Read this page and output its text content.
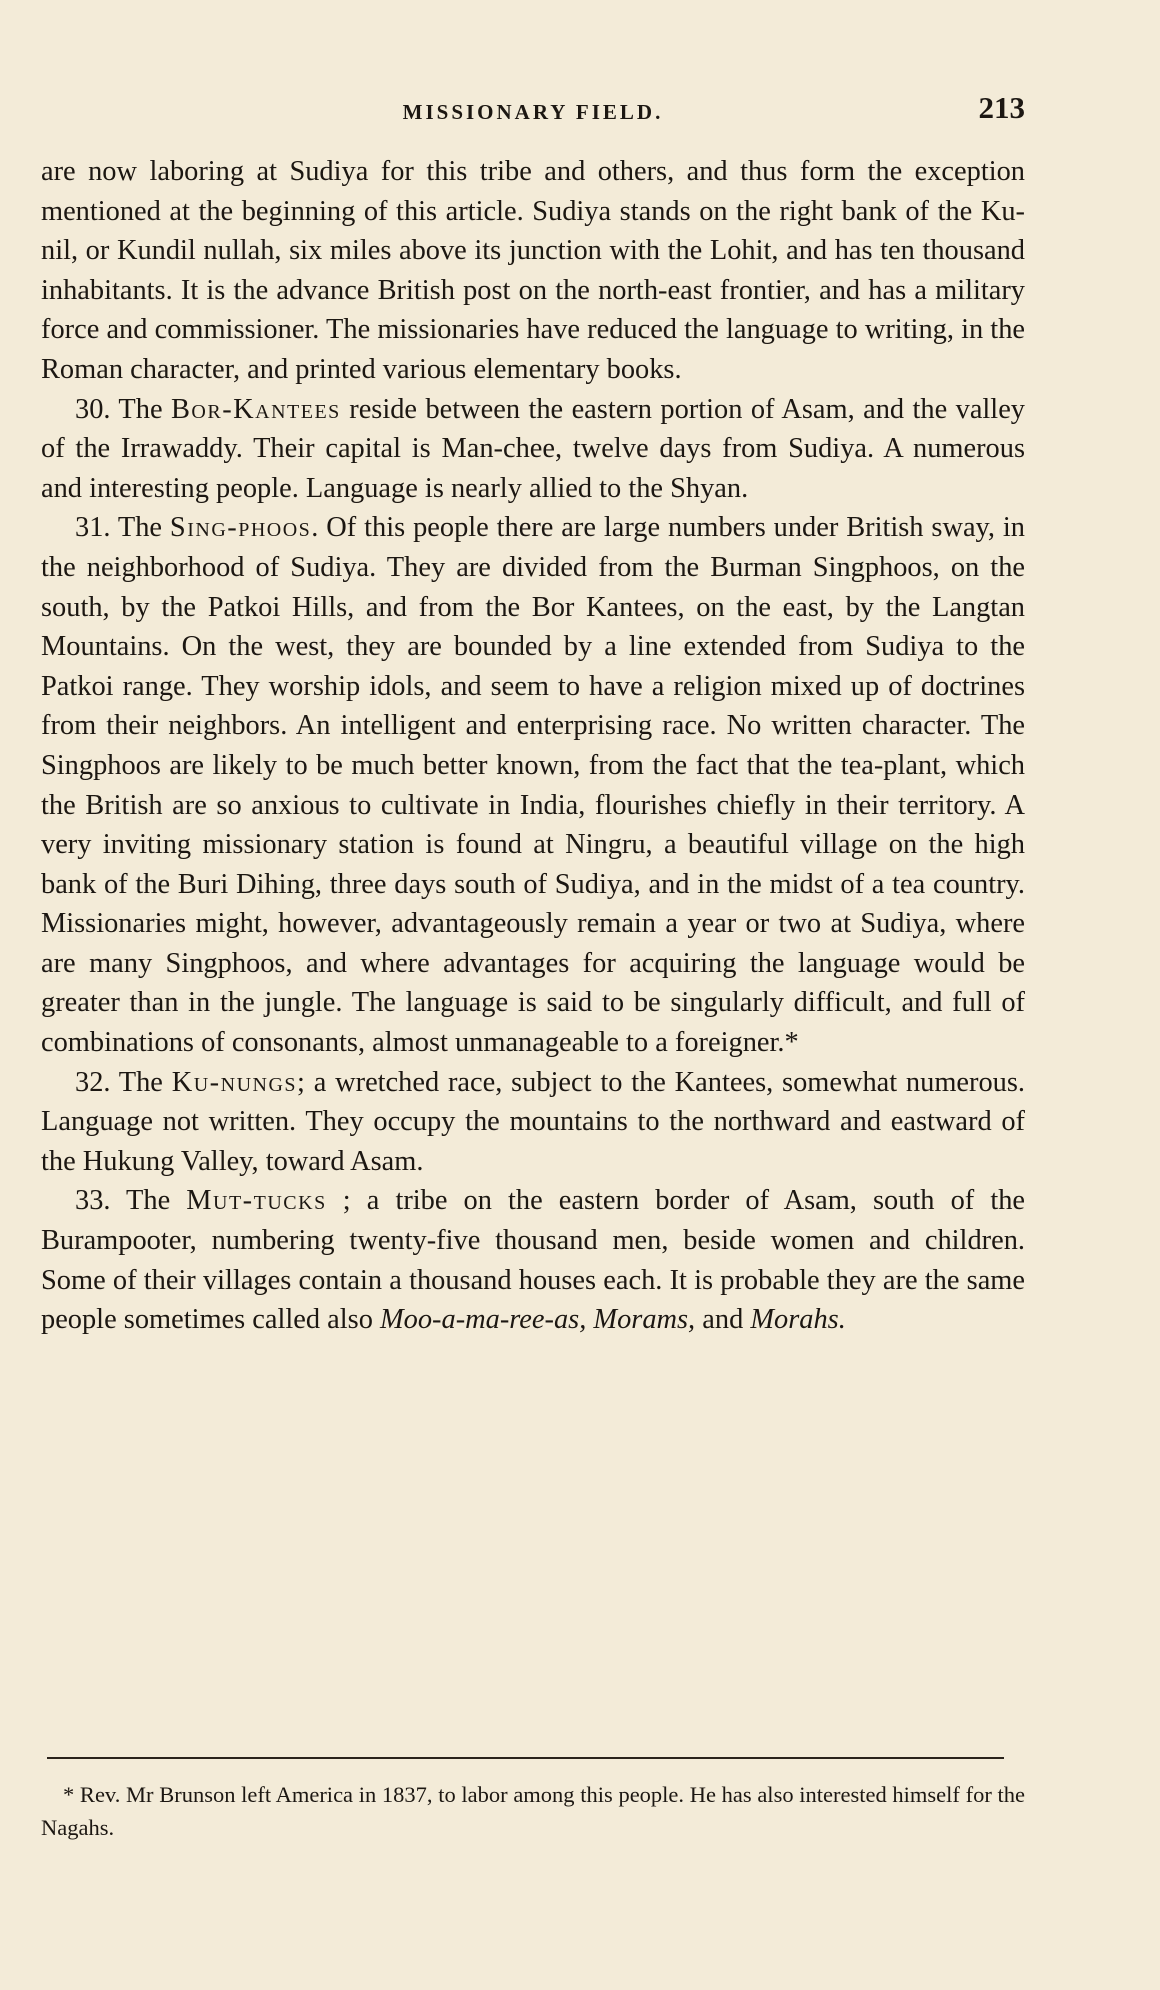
MISSIONARY FIELD.	213

are now laboring at Sudiya for this tribe and others, and thus form the exception mentioned at the beginning of this article. Sudiya stands on the right bank of the Ku-nil, or Kundil nullah, six miles above its junction with the Lohit, and has ten thousand inhabitants. It is the advance British post on the north-east frontier, and has a military force and commissioner. The missionaries have reduced the language to writing, in the Roman character, and printed various elementary books.

30. The Bor-Kantees reside between the eastern portion of Asam, and the valley of the Irrawaddy. Their capital is Man-chee, twelve days from Sudiya. A numerous and interesting people. Language is nearly allied to the Shyan.

31. The Sing-phoos. Of this people there are large numbers under British sway, in the neighborhood of Sudiya. They are divided from the Burman Singphoos, on the south, by the Patkoi Hills, and from the Bor Kantees, on the east, by the Langtan Mountains. On the west, they are bounded by a line extended from Sudiya to the Patkoi range. They worship idols, and seem to have a religion mixed up of doctrines from their neighbors. An intelligent and enterprising race. No written character. The Singphoos are likely to be much better known, from the fact that the tea-plant, which the British are so anxious to cultivate in India, flourishes chiefly in their territory. A very inviting missionary station is found at Ningru, a beautiful village on the high bank of the Buri Dihing, three days south of Sudiya, and in the midst of a tea country. Missionaries might, however, advantageously remain a year or two at Sudiya, where are many Singphoos, and where advantages for acquiring the language would be greater than in the jungle. The language is said to be singularly difficult, and full of combinations of consonants, almost unmanageable to a foreigner.*

32. The Ku-nungs; a wretched race, subject to the Kantees, somewhat numerous. Language not written. They occupy the mountains to the northward and eastward of the Hukung Valley, toward Asam.

33. The Mut-tucks ; a tribe on the eastern border of Asam, south of the Burampooter, numbering twenty-five thousand men, beside women and children. Some of their villages contain a thousand houses each. It is probable they are the same people sometimes called also Moo-a-ma-ree-as, Morams, and Morahs.

* Rev. Mr Brunson left America in 1837, to labor among this people. He has also interested himself for the Nagahs.
